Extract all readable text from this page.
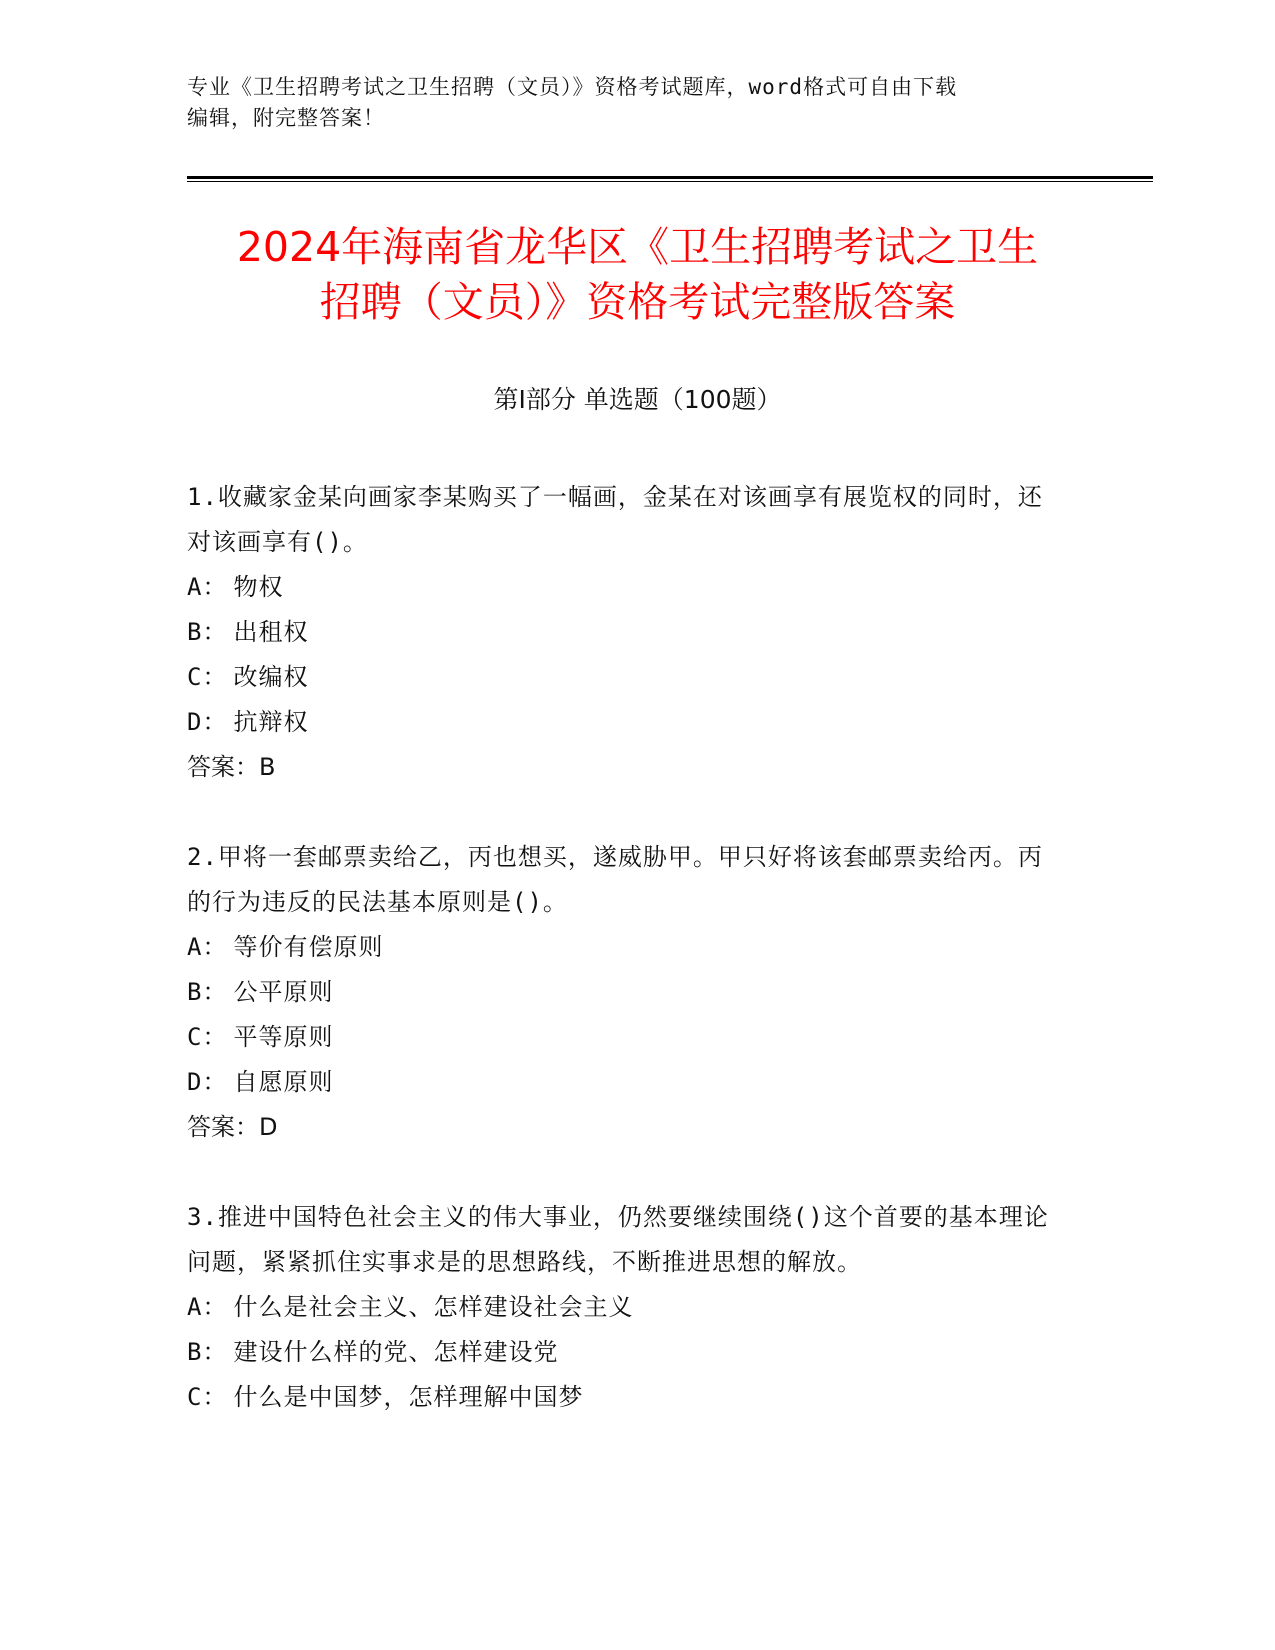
专业《卫生招聘考试之卫生招聘（文员）》资格考试题库，word格式可自由下载
编辑，附完整答案！
2024年海南省龙华区《卫生招聘考试之卫生
招聘（文员）》资格考试完整版答案
第Ⅰ部分 单选题（100题）

1.收藏家金某向画家李某购买了一幅画，金某在对该画享有展览权的同时，还对该画享有()。

A： 物权

B： 出租权

C： 改编权

D： 抗辩权

答案：B

2.甲将一套邮票卖给乙，丙也想买，遂威胁甲。甲只好将该套邮票卖给丙。丙的行为违反的民法基本原则是()。

A： 等价有偿原则

B： 公平原则

C： 平等原则

D： 自愿原则

答案：D

3.推进中国特色社会主义的伟大事业，仍然要继续围绕()这个首要的基本理论问题，紧紧抓住实事求是的思想路线，不断推进思想的解放。

A： 什么是社会主义、怎样建设社会主义

B： 建设什么样的党、怎样建设党

C： 什么是中国梦，怎样理解中国梦
